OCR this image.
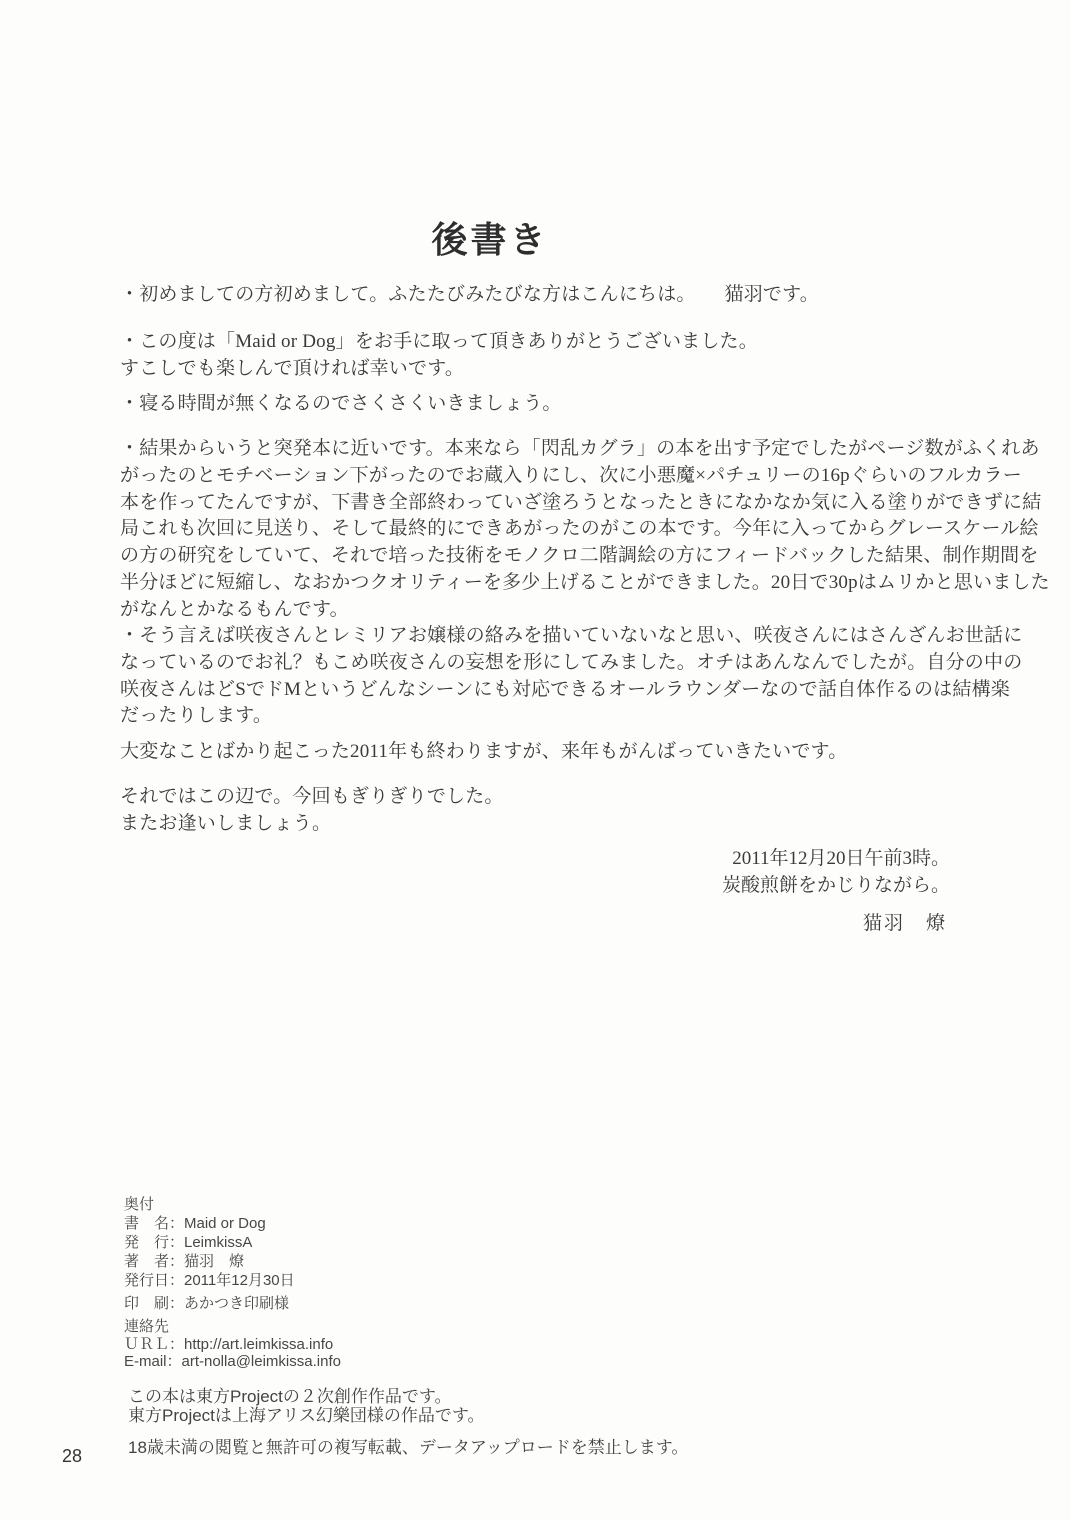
後書き
・初めましての方初めまして。ふたたびみたびな方はこんにちは。　　猫羽です。
・この度は「Maid or Dog」をお手に取って頂きありがとうございました。
すこしでも楽しんで頂ければ幸いです。
・寝る時間が無くなるのでさくさくいきましょう。
・結果からいうと突発本に近いです。本来なら「閃乱カグラ」の本を出す予定でしたがページ数がふくれあ
がったのとモチベーション下がったのでお蔵入りにし、次に小悪魔×パチュリーの16pぐらいのフルカラー
本を作ってたんですが、下書き全部終わっていざ塗ろうとなったときになかなか気に入る塗りができずに結
局これも次回に見送り、そして最終的にできあがったのがこの本です。今年に入ってからグレースケール絵
の方の研究をしていて、それで培った技術をモノクロ二階調絵の方にフィードバックした結果、制作期間を
半分ほどに短縮し、なおかつクオリティーを多少上げることができました。20日で30pはムリかと思いました
がなんとかなるもんです。
・そう言えば咲夜さんとレミリアお嬢様の絡みを描いていないなと思い、咲夜さんにはさんざんお世話に
なっているのでお礼？もこめ咲夜さんの妄想を形にしてみました。オチはあんなんでしたが。自分の中の
咲夜さんはどSでドMというどんなシーンにも対応できるオールラウンダーなので話自体作るのは結構楽
だったりします。
大変なことばかり起こった2011年も終わりますが、来年もがんばっていきたいです。
それではこの辺で。今回もぎりぎりでした。
またお逢いしましょう。
2011年12月20日午前3時。
炭酸煎餅をかじりながら。
猫羽　燎
奥付
書　名：Maid or Dog
発　行：LeimkissA
著　者：猫羽　燎
発行日：2011年12月30日
印　刷：あかつき印刷様
連絡先
ＵＲＬ：http://art.leimkissa.info
E-mail：art-nolla@leimkissa.info
この本は東方Projectの２次創作作品です。
東方Projectは上海アリス幻樂団様の作品です。
18歳未満の閲覧と無許可の複写転載、データアップロードを禁止します。
28
